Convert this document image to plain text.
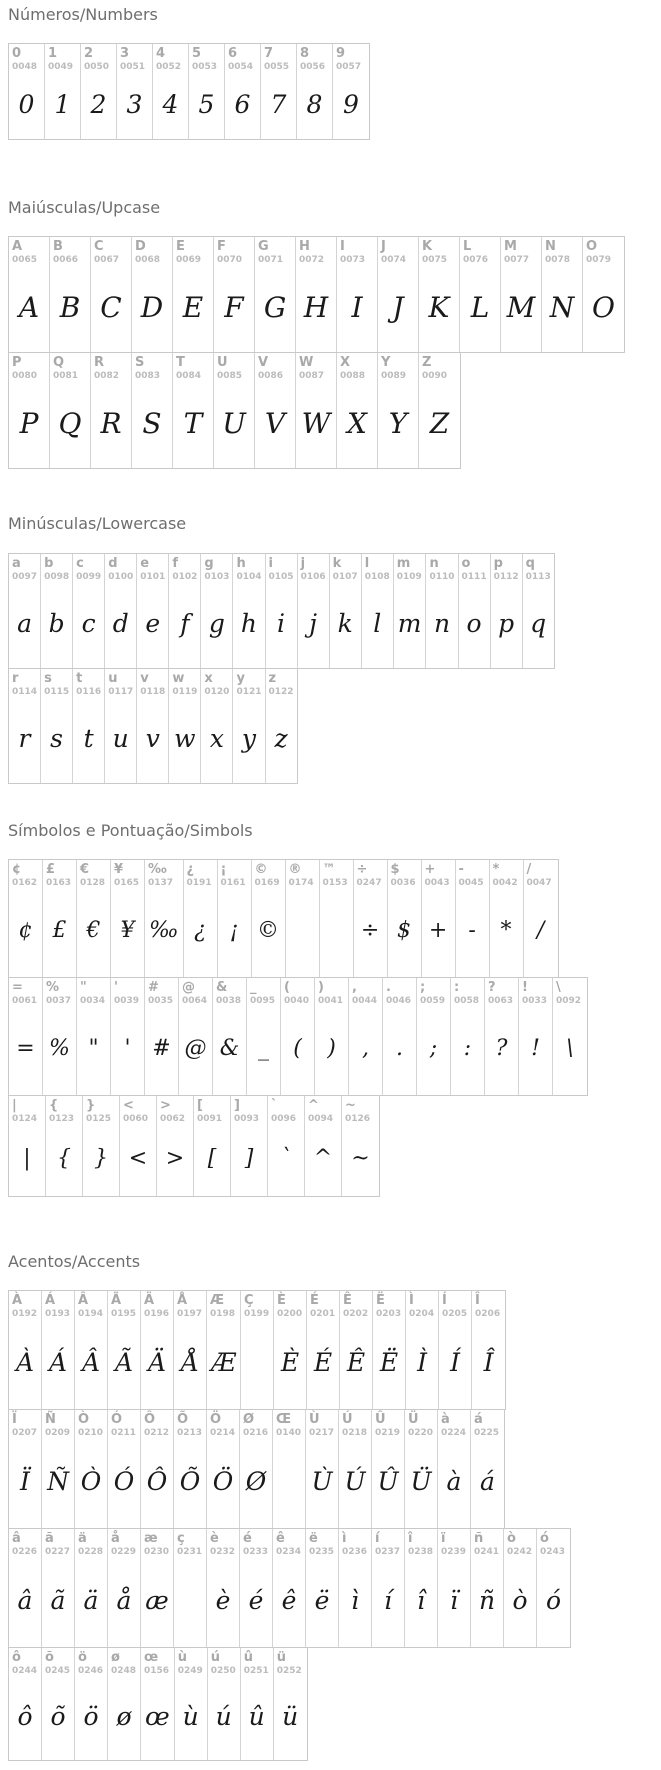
Números/Numbers
0
0048
0
1
0049
1
2
0050
2
3
0051
3
4
0052
4
5
0053
5
6
0054
6
7
0055
7
8
0056
8
9
0057
9
Maiúsculas/Upcase
A
0065
A
B
0066
B
C
0067
C
D
0068
D
E
0069
E
F
0070
F
G
0071
G
H
0072
H
I
0073
I
J
0074
J
K
0075
K
L
0076
L
M
0077
M
N
0078
N
O
0079
O
P
0080
P
Q
0081
Q
R
0082
R
S
0083
S
T
0084
T
U
0085
U
V
0086
V
W
0087
W
X
0088
X
Y
0089
Y
Z
0090
Z
Minúsculas/Lowercase
a
0097
a
b
0098
b
c
0099
c
d
0100
d
e
0101
e
f
0102
f
g
0103
g
h
0104
h
i
0105
i
j
0106
j
k
0107
k
l
0108
l
m
0109
m
n
0110
n
o
0111
o
p
0112
p
q
0113
q
r
0114
r
s
0115
s
t
0116
t
u
0117
u
v
0118
v
w
0119
w
x
0120
x
y
0121
y
z
0122
z
Símbolos e Pontuação/Simbols
¢
0162
¢
£
0163
£
€
0128
€
¥
0165
¥
‰
0137
‰
¿
0191
¿
¡
0161
¡
©
0169
©
®
0174
™
0153
÷
0247
÷
$
0036
$
+
0043
+
-
0045
-
*
0042
*
/
0047
/
=
0061
=
%
0037
%
"
0034
"
'
0039
'
#
0035
#
@
0064
@
&
0038
&
_
0095
_
(
0040
(
)
0041
)
,
0044
,
.
0046
.
;
0059
;
:
0058
:
?
0063
?
!
0033
!
\
0092
\
|
0124
|
{
0123
{
}
0125
}
<
0060
<
>
0062
>
[
0091
[
]
0093
]
`
0096
`
^
0094
^
~
0126
~
Acentos/Accents
À
0192
À
Á
0193
Á
Â
0194
Â
Ã
0195
Ã
Ä
0196
Ä
Å
0197
Å
Æ
0198
Æ
Ç
0199
È
0200
È
É
0201
É
Ê
0202
Ê
Ë
0203
Ë
Ì
0204
Ì
Í
0205
Í
Î
0206
Î
Ï
0207
Ï
Ñ
0209
Ñ
Ò
0210
Ò
Ó
0211
Ó
Ô
0212
Ô
Õ
0213
Õ
Ö
0214
Ö
Ø
0216
Ø
Œ
0140
Ù
0217
Ù
Ú
0218
Ú
Û
0219
Û
Ü
0220
Ü
à
0224
à
á
0225
á
â
0226
â
ã
0227
ã
ä
0228
ä
å
0229
å
æ
0230
æ
ç
0231
è
0232
è
é
0233
é
ê
0234
ê
ë
0235
ë
ì
0236
ì
í
0237
í
î
0238
î
ï
0239
ï
ñ
0241
ñ
ò
0242
ò
ó
0243
ó
ô
0244
ô
õ
0245
õ
ö
0246
ö
ø
0248
ø
œ
0156
œ
ù
0249
ù
ú
0250
ú
û
0251
û
ü
0252
ü
